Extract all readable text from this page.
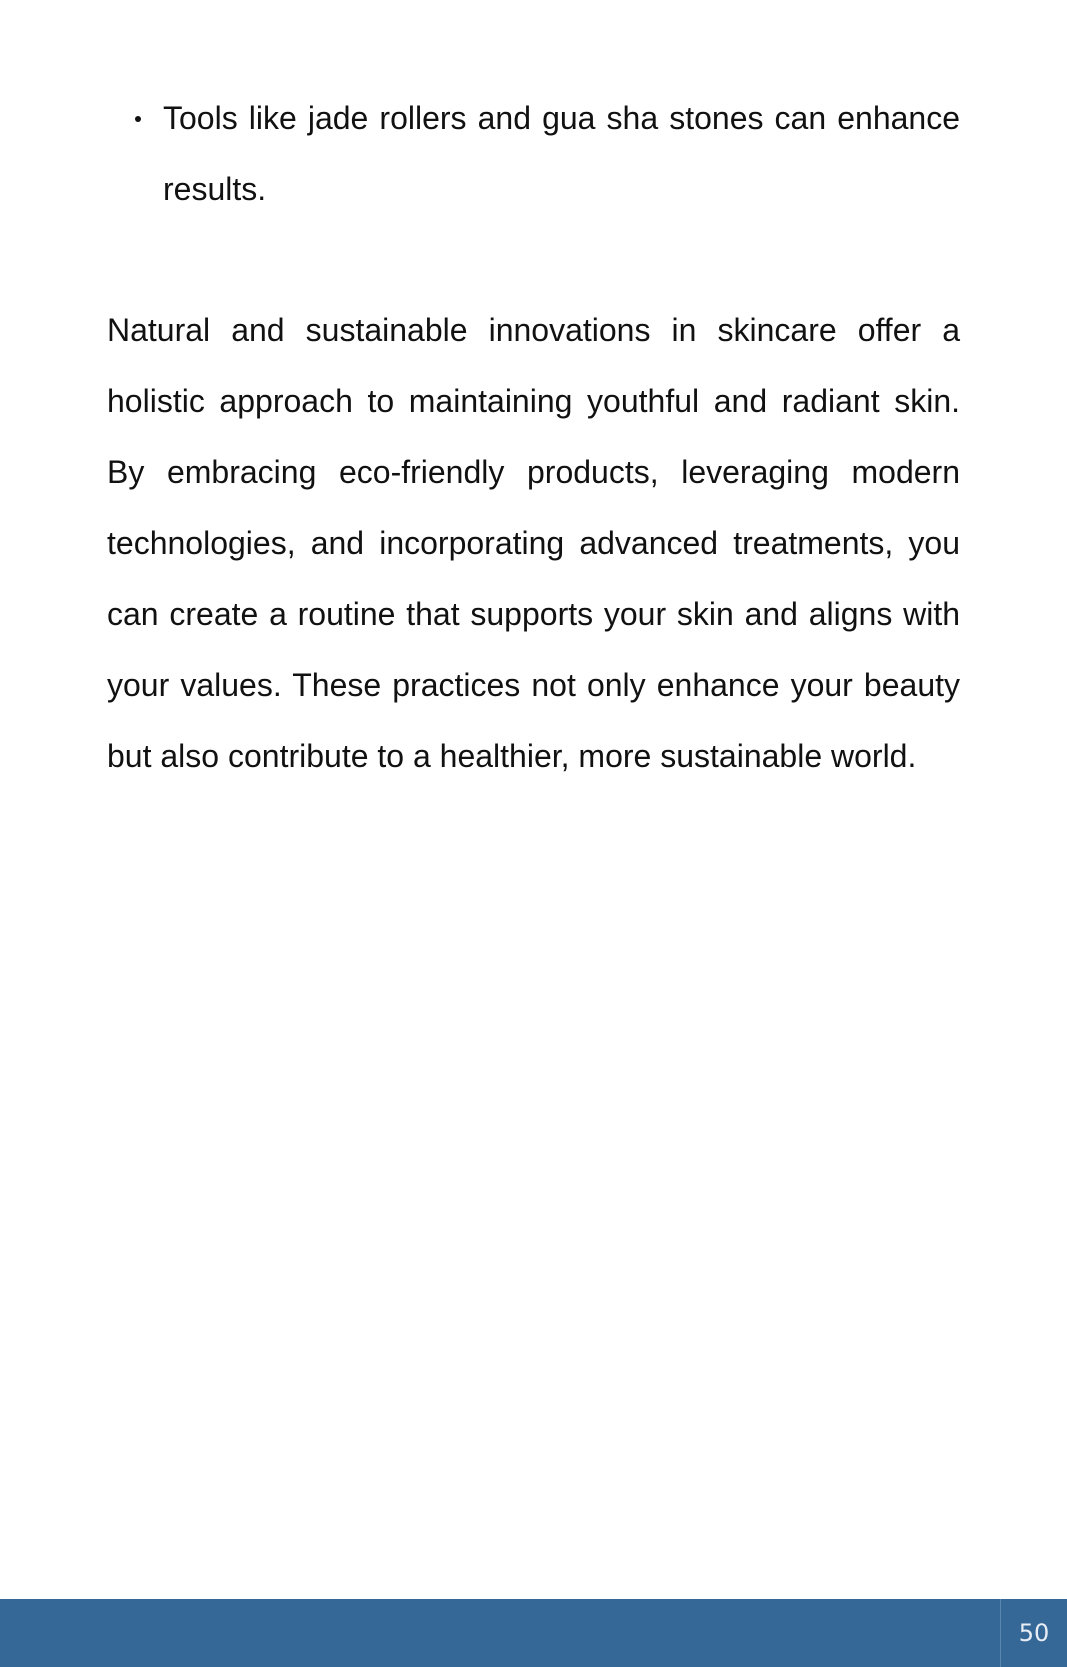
Tools like jade rollers and gua sha stones can enhance results.

Natural and sustainable innovations in skincare offer a holistic approach to maintaining youthful and radiant skin. By embracing eco-friendly products, leveraging modern technologies, and incorporating advanced treatments, you can create a routine that supports your skin and aligns with your values. These practices not only enhance your beauty but also contribute to a healthier, more sustainable world.

50
